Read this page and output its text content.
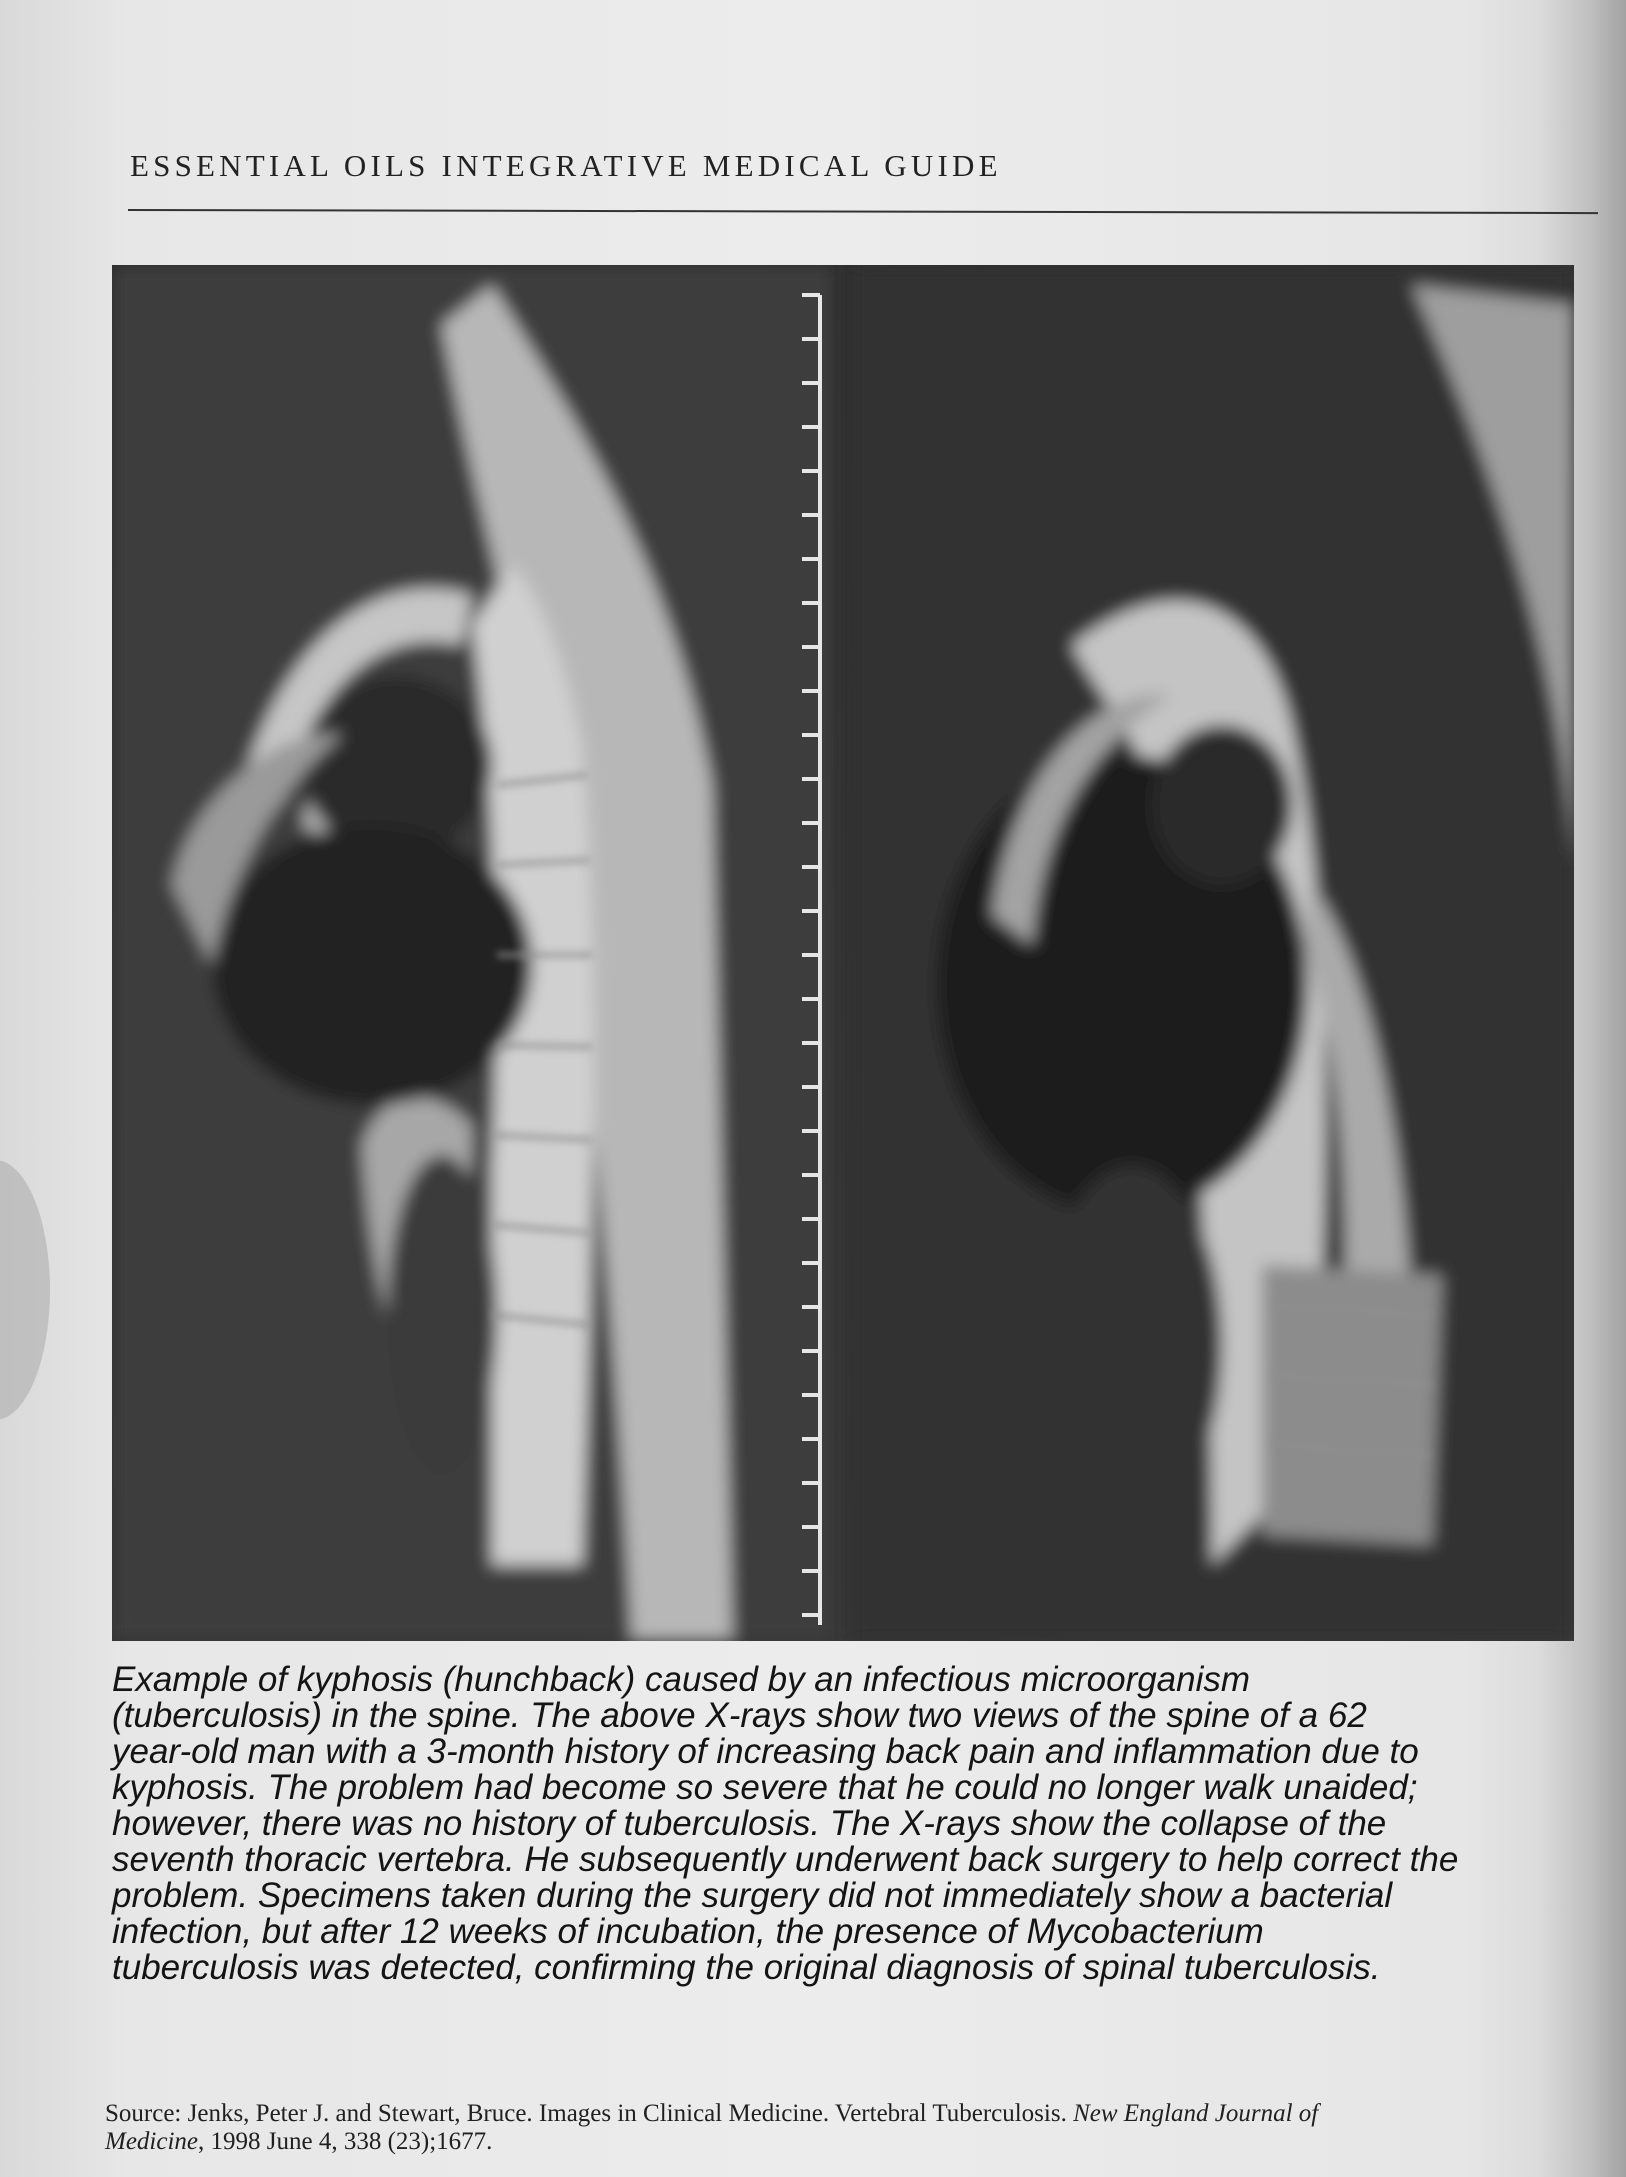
ESSENTIAL OILS INTEGRATIVE MEDICAL GUIDE
Example of kyphosis (hunchback) caused by an infectious microorganism
(tuberculosis) in the spine. The above X-rays show two views of the spine of a 62
year-old man with a 3-month history of increasing back pain and inflammation due to
kyphosis. The problem had become so severe that he could no longer walk unaided;
however, there was no history of tuberculosis. The X-rays show the collapse of the
seventh thoracic vertebra. He subsequently underwent back surgery to help correct the
problem. Specimens taken during the surgery did not immediately show a bacterial
infection, but after 12 weeks of incubation, the presence of Mycobacterium
tuberculosis was detected, confirming the original diagnosis of spinal tuberculosis.
Source: Jenks, Peter J. and Stewart, Bruce. Images in Clinical Medicine. Vertebral Tuberculosis. New England Journal of
Medicine, 1998 June 4, 338 (23);1677.
